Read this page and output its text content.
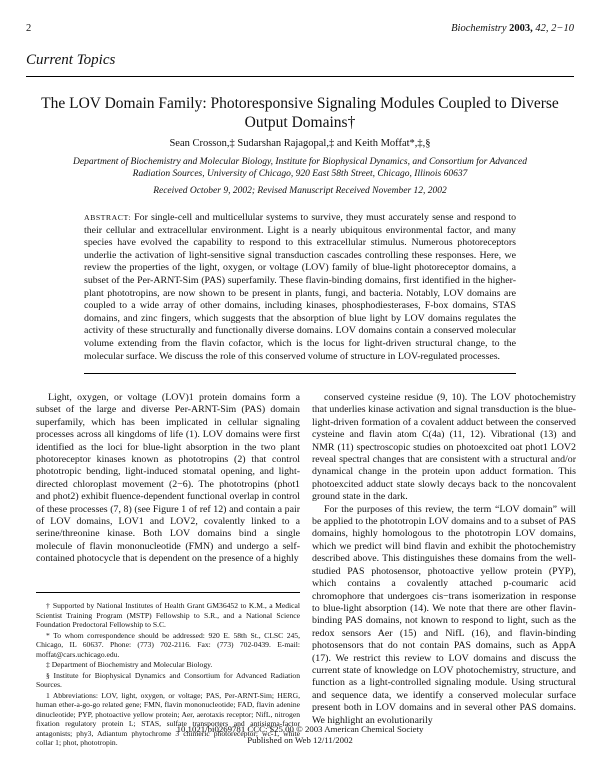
2	Biochemistry 2003, 42, 2−10
Current Topics
The LOV Domain Family: Photoresponsive Signaling Modules Coupled to Diverse Output Domains†
Sean Crosson,‡ Sudarshan Rajagopal,‡ and Keith Moffat*,‡,§
Department of Biochemistry and Molecular Biology, Institute for Biophysical Dynamics, and Consortium for Advanced Radiation Sources, University of Chicago, 920 East 58th Street, Chicago, Illinois 60637
Received October 9, 2002; Revised Manuscript Received November 12, 2002
ABSTRACT: For single-cell and multicellular systems to survive, they must accurately sense and respond to their cellular and extracellular environment. Light is a nearly ubiquitous environmental factor, and many species have evolved the capability to respond to this extracellular stimulus. Numerous photoreceptors underlie the activation of light-sensitive signal transduction cascades controlling these responses. Here, we review the properties of the light, oxygen, or voltage (LOV) family of blue-light photoreceptor domains, a subset of the Per-ARNT-Sim (PAS) superfamily. These flavin-binding domains, first identified in the higher-plant phototropins, are now shown to be present in plants, fungi, and bacteria. Notably, LOV domains are coupled to a wide array of other domains, including kinases, phosphodiesterases, F-box domains, STAS domains, and zinc fingers, which suggests that the absorption of blue light by LOV domains regulates the activity of these structurally and functionally diverse domains. LOV domains contain a conserved molecular volume extending from the flavin cofactor, which is the locus for light-driven structural change, to the molecular surface. We discuss the role of this conserved volume of structure in LOV-regulated processes.

Light, oxygen, or voltage (LOV)1 protein domains form a subset of the large and diverse Per-ARNT-Sim (PAS) domain superfamily, which has been implicated in cellular signaling processes across all kingdoms of life (1). LOV domains were first identified as the loci for blue-light absorption in the two plant photoreceptor kinases known as phototropins (2) that control phototropic bending, light-induced stomatal opening, and light-directed chloroplast movement (2−6). The phototropins (phot1 and phot2) exhibit fluence-dependent functional overlap in control of these processes (7, 8) (see Figure 1 of ref 12) and contain a pair of LOV domains, LOV1 and LOV2, covalently linked to a serine/threonine kinase. Both LOV domains bind a single molecule of flavin mononucleotide (FMN) and undergo a self-contained photocycle that is dependent on the presence of a highly

conserved cysteine residue (9, 10). The LOV photochemistry that underlies kinase activation and signal transduction is the blue-light-driven formation of a covalent adduct between the conserved cysteine and flavin atom C(4a) (11, 12). Vibrational (13) and NMR (11) spectroscopic studies on photoexcited oat phot1 LOV2 reveal spectral changes that are consistent with a structural and/or dynamical change in the protein upon adduct formation. This photoexcited adduct state slowly decays back to the noncovalent ground state in the dark.

For the purposes of this review, the term “LOV domain” will be applied to the phototropin LOV domains and to a subset of PAS domains, highly homologous to the phototropin LOV domains, which we predict will bind flavin and exhibit the photochemistry described above. This distinguishes these domains from the well-studied PAS photosensor, photoactive yellow protein (PYP), which contains a covalently attached p-coumaric acid chromophore that undergoes cis−trans isomerization in response to blue-light absorption (14). We note that there are other flavin-binding PAS domains, not known to respond to light, such as the redox sensors Aer (15) and NifL (16), and flavin-binding photosensors that do not contain PAS domains, such as AppA (17). We restrict this review to LOV domains and discuss the current state of knowledge on LOV photochemistry, structure, and function as a light-controlled signaling module. Using structural and sequence data, we identify a conserved molecular surface present both in LOV domains and in several other PAS domains. We highlight an evolutionarily

† Supported by National Institutes of Health Grant GM36452 to K.M., a Medical Scientist Training Program (MSTP) Fellowship to S.R., and a National Science Foundation Predoctoral Fellowship to S.C.

* To whom correspondence should be addressed: 920 E. 58th St., CLSC 245, Chicago, IL 60637. Phone: (773) 702-2116. Fax: (773) 702-0439. E-mail: moffat@cars.uchicago.edu.

‡ Department of Biochemistry and Molecular Biology.

§ Institute for Biophysical Dynamics and Consortium for Advanced Radiation Sources.

1 Abbreviations: LOV, light, oxygen, or voltage; PAS, Per-ARNT-Sim; HERG, human ether-a-go-go related gene; FMN, flavin mononucleotide; FAD, flavin adenine dinucleotide; PYP, photoactive yellow protein; Aer, aerotaxis receptor; NifL, nitrogen fixation regulatory protein L; STAS, sulfate transporters and antisigma-factor antagonists; phy3, Adiantum phytochrome 3 chimeric photoreceptor; wc-1, white collar 1; phot, phototropin.

10.1021/bi0269781 CCC: $25.00 © 2003 American Chemical Society
Published on Web 12/11/2002
